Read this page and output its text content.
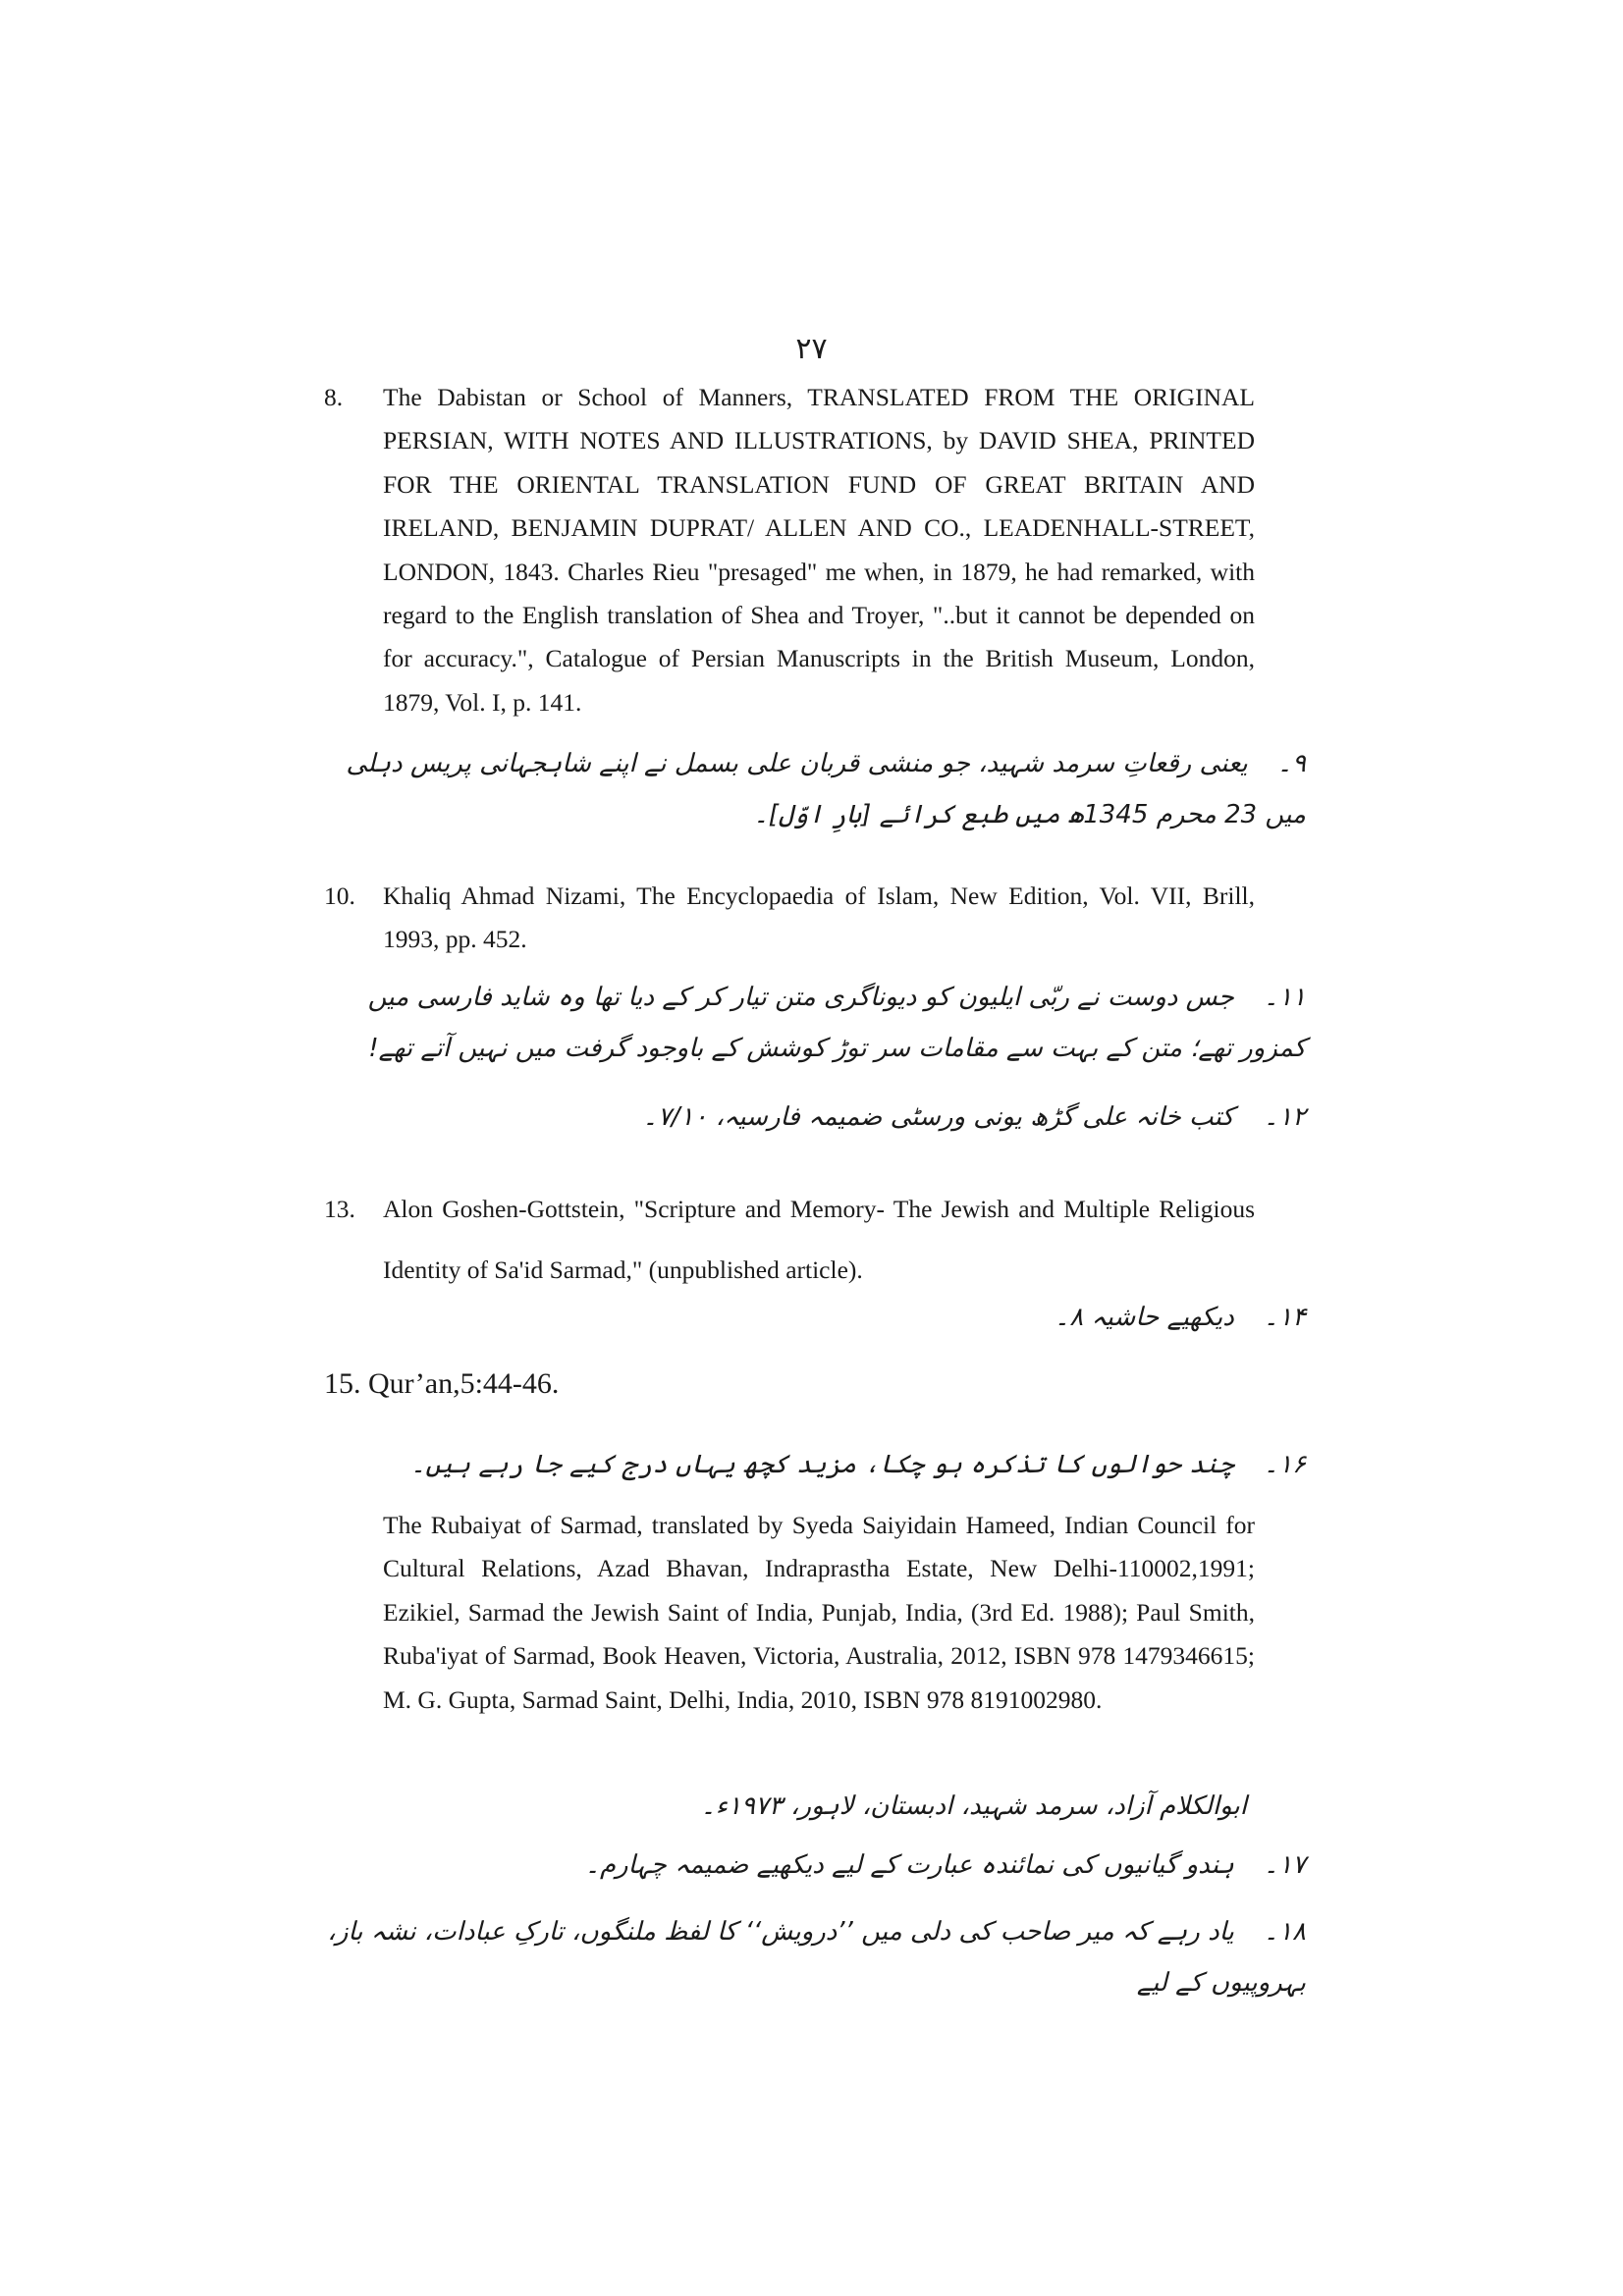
۲۷
8. The Dabistan or School of Manners, TRANSLATED FROM THE ORIGINAL PERSIAN, WITH NOTES AND ILLUSTRATIONS, by DAVID SHEA, PRINTED FOR THE ORIENTAL TRANSLATION FUND OF GREAT BRITAIN AND IRELAND, BENJAMIN DUPRAT/ ALLEN AND CO., LEADENHALL-STREET, LONDON, 1843. Charles Rieu "presaged" me when, in 1879, he had remarked, with regard to the English translation of Shea and Troyer, "..but it cannot be depended on for accuracy.", Catalogue of Persian Manuscripts in the British Museum, London, 1879, Vol. I, p. 141.
۹۔یعنی رقعاتِ سرمد شہید، جو منشی قربان علی بسمل نے اپنے شاہجہانی پریس دہلی میں 23 محرم 1345ھ میں طبع کرائے [بارِ اوّل]۔
10. Khaliq Ahmad Nizami, The Encyclopaedia of Islam, New Edition, Vol. VII, Brill, 1993, pp. 452.
۱۱۔جس دوست نے ربّی ایلیون کو دیوناگری متن تیار کر کے دیا تھا وہ شاید فارسی میں کمزور تھے؛ متن کے بہت سے مقامات سر توڑ کوشش کے باوجود گرفت میں نہیں آتے تھے!
۱۲۔کتب خانہ علی گڑھ یونی ورسٹی ضمیمہ فارسیہ، ۷/۱۰۔
13. Alon Goshen-Gottstein, "Scripture and Memory- The Jewish and Multiple Religious Identity of Sa'id Sarmad," (unpublished article).
۱۴۔دیکھیے حاشیہ ۸۔
15. Qur’an,5:44-46.
۱۶۔چند حوالوں کا تذکرہ ہو چکا، مزید کچھ یہاں درج کیے جا رہے ہیں۔
The Rubaiyat of Sarmad, translated by Syeda Saiyidain Hameed, Indian Council for Cultural Relations, Azad Bhavan, Indraprastha Estate, New Delhi-110002,1991; Ezikiel, Sarmad the Jewish Saint of India, Punjab, India, (3rd Ed. 1988); Paul Smith, Ruba'iyat of Sarmad, Book Heaven, Victoria, Australia, 2012, ISBN 978 1479346615; M. G. Gupta, Sarmad Saint, Delhi, India, 2010, ISBN 978 8191002980.
ابوالکلام آزاد، سرمد شہید، ادبستان، لاہور، ۱۹۷۳ء۔
۱۷۔ہندو گیانیوں کی نمائندہ عبارت کے لیے دیکھیے ضمیمہ چہارم۔
۱۸۔یاد رہے کہ میر صاحب کی دلی میں ’’درویش‘‘ کا لفظ ملنگوں، تارکِ عبادات، نشہ باز، بہروپیوں کے لیے
